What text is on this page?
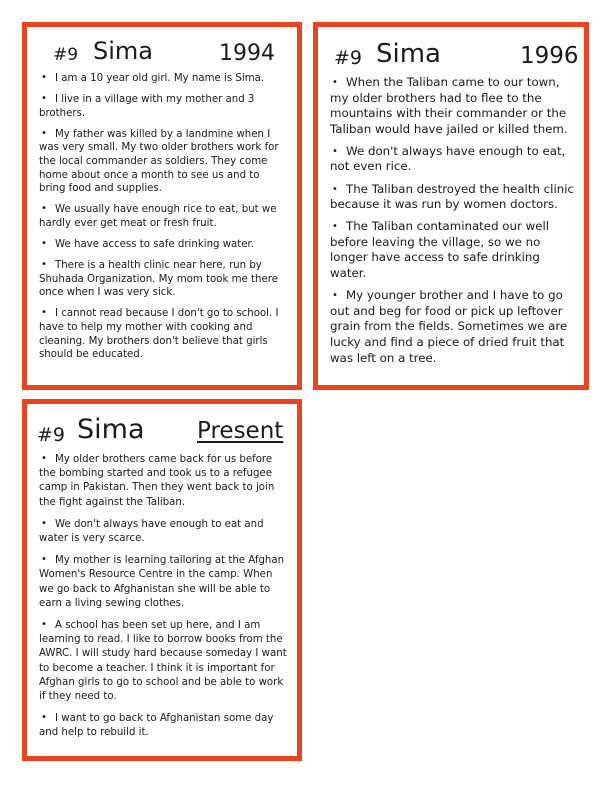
#9 Sima	1994
• I am a 10 year old girl. My name is Sima.
• I live in a village with my mother and 3 brothers.
• My father was killed by a landmine when I was very small. My two older brothers work for the local commander as soldiers. They come home about once a month to see us and to bring food and supplies.
• We usually have enough rice to eat, but we hardly ever get meat or fresh fruit.
• We have access to safe drinking water.
• There is a health clinic near here, run by Shuhada Organization. My mom took me there once when I was very sick.
• I cannot read because I don't go to school. I have to help my mother with cooking and cleaning. My brothers don't believe that girls should be educated.
#9 Sima	1996
• When the Taliban came to our town, my older brothers had to flee to the mountains with their commander or the Taliban would have jailed or killed them.
• We don't always have enough to eat, not even rice.
• The Taliban destroyed the health clinic because it was run by women doctors.
• The Taliban contaminated our well before leaving the village, so we no longer have access to safe drinking water.
• My younger brother and I have to go out and beg for food or pick up leftover grain from the fields. Sometimes we are lucky and find a piece of dried fruit that was left on a tree.
#9 Sima Present
• My older brothers came back for us before the bombing started and took us to a refugee camp in Pakistan. Then they went back to join the fight against the Taliban.
• We don't always have enough to eat and water is very scarce.
• My mother is learning tailoring at the Afghan Women's Resource Centre in the camp. When we go back to Afghanistan she will be able to earn a living sewing clothes.
• A school has been set up here, and I am learning to read. I like to borrow books from the AWRC. I will study hard because someday I want to become a teacher. I think it is important for Afghan girls to go to school and be able to work if they need to.
• I want to go back to Afghanistan some day and help to rebuild it.
